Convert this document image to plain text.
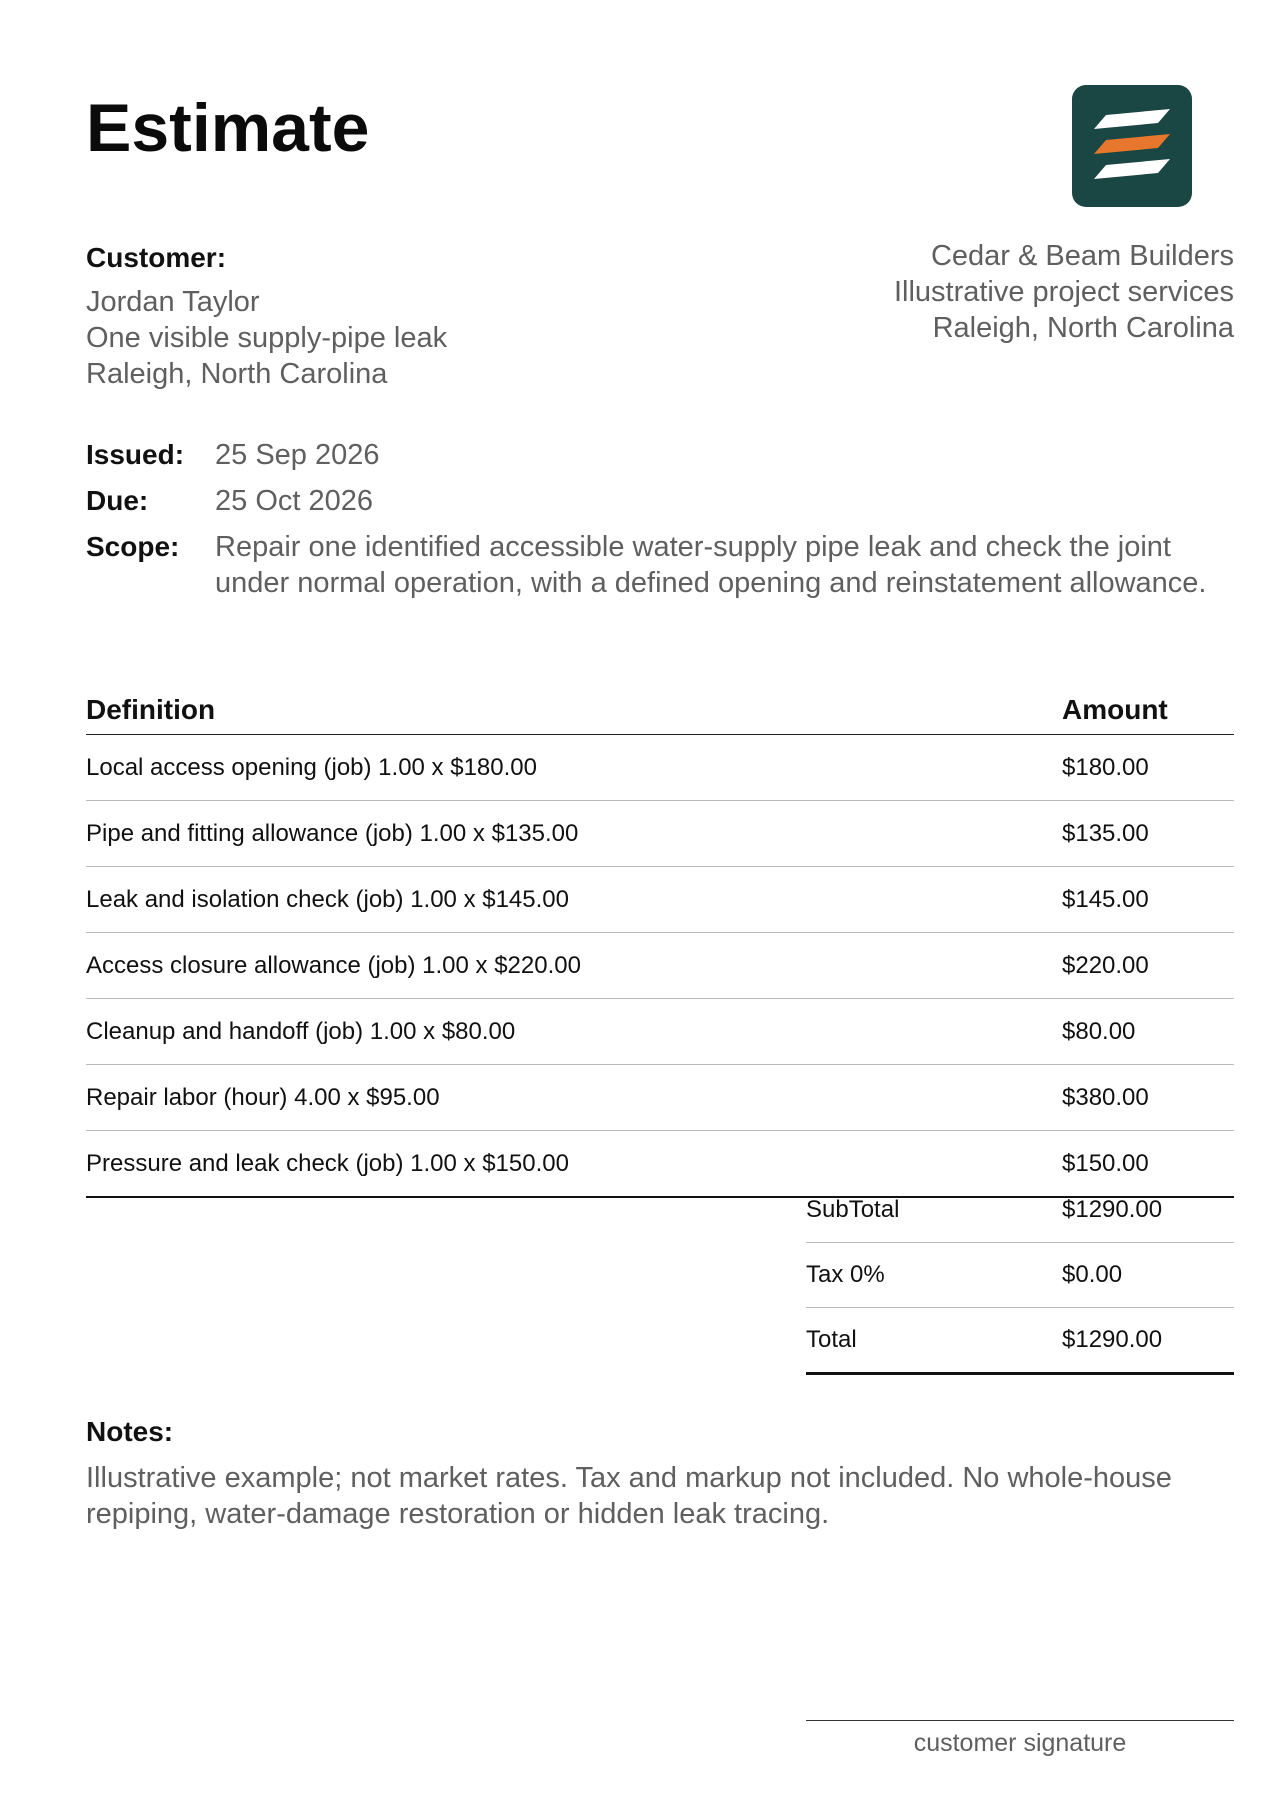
Estimate
Customer:
Jordan Taylor
One visible supply-pipe leak
Raleigh, North Carolina
Cedar & Beam Builders
Illustrative project services
Raleigh, North Carolina
Issued:	25 Sep 2026
Due:	25 Oct 2026
Scope:	Repair one identified accessible water-supply pipe leak and check the joint under normal operation, with a defined opening and reinstatement allowance.
Definition	Amount
Local access opening (job) 1.00 x $180.00	$180.00
Pipe and fitting allowance (job) 1.00 x $135.00	$135.00
Leak and isolation check (job) 1.00 x $145.00	$145.00
Access closure allowance (job) 1.00 x $220.00	$220.00
Cleanup and handoff (job) 1.00 x $80.00	$80.00
Repair labor (hour) 4.00 x $95.00	$380.00
Pressure and leak check (job) 1.00 x $150.00	$150.00
SubTotal	$1290.00
Tax 0%	$0.00
Total	$1290.00
Notes:
Illustrative example; not market rates. Tax and markup not included. No whole-house repiping, water-damage restoration or hidden leak tracing.
customer signature
